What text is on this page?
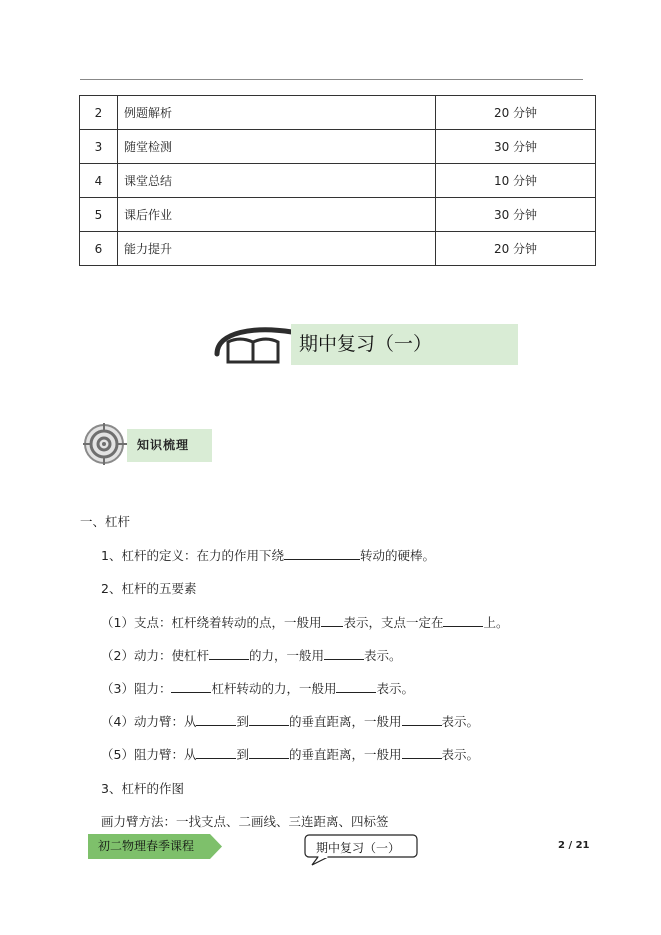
2	例题解析	20 分钟
3	随堂检测	30 分钟
4	课堂总结	10 分钟
5	课后作业	30 分钟
6	能力提升	20 分钟
期中复习（一）
知识梳理
一、杠杆
1、杠杆的定义：在力的作用下绕	转动的硬棒。
2、杠杆的五要素
（1）支点：杠杆绕着转动的点，一般用 表示，支点一定在	上。
（2）动力：使杠杆	的力，一般用	表示。
（3）阻力：	杠杆转动的力，一般用	表示。
（4）动力臂：从	到	的垂直距离，一般用	表示。
（5）阻力臂：从	到	的垂直距离，一般用	表示。
3、杠杆的作图
画力臂方法：一找支点、二画线、三连距离、四标签
初二物理春季课程	期中复习（一）	2 / 21
